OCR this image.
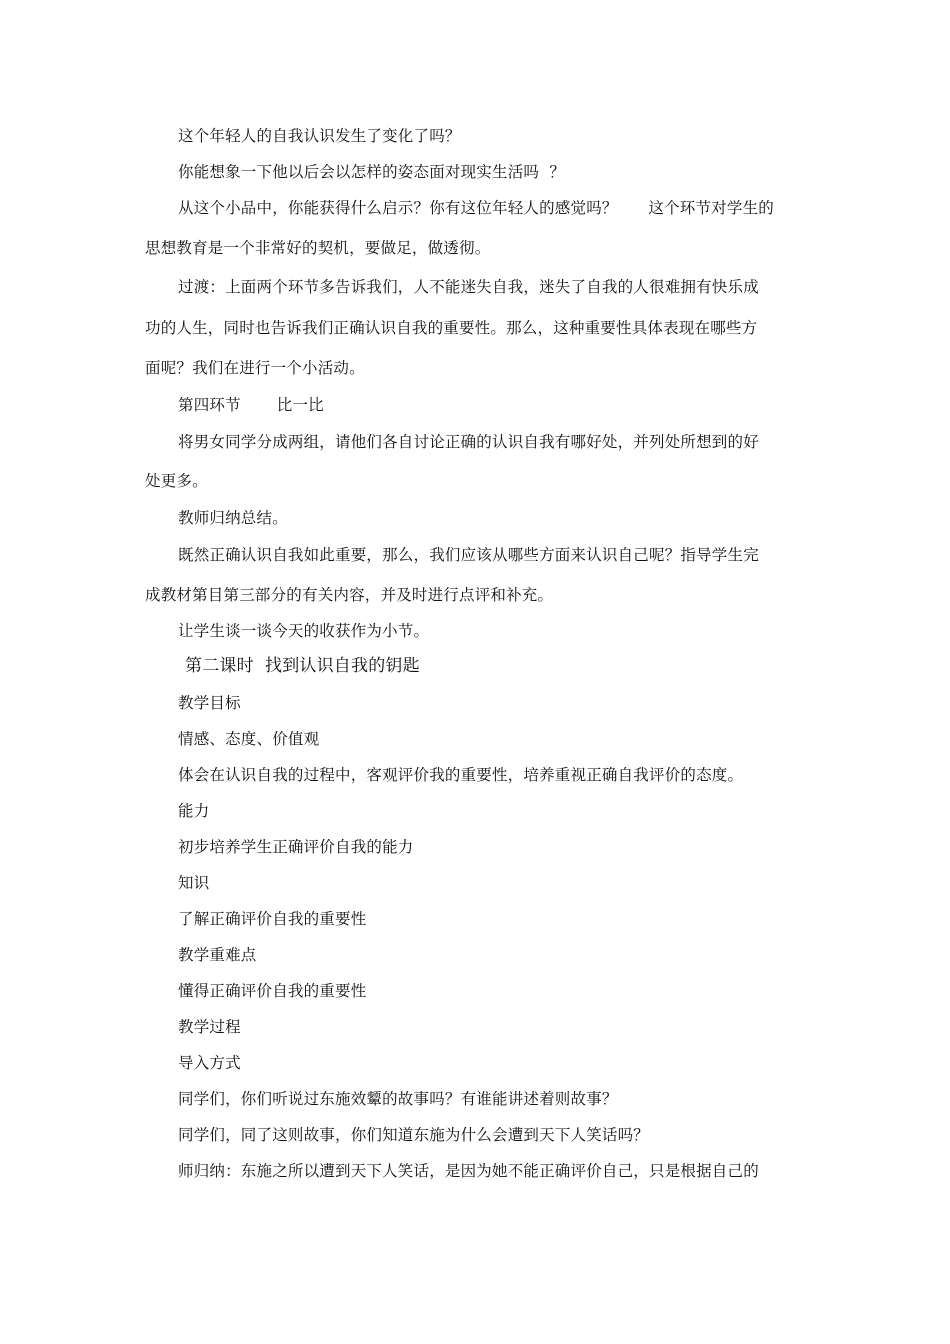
这个年轻人的自我认识发生了变化了吗？
你能想象一下他以后会以怎样的姿态面对现实生活吗  ？
从这个小品中，你能获得什么启示？你有这位年轻人的感觉吗？      这个环节对学生的
思想教育是一个非常好的契机，要做足，做透彻。
过渡：上面两个环节多告诉我们，人不能迷失自我，迷失了自我的人很难拥有快乐成
功的人生，同时也告诉我们正确认识自我的重要性。那么，这种重要性具体表现在哪些方
面呢？我们在进行一个小活动。
第四环节       比一比
将男女同学分成两组，请他们各自讨论正确的认识自我有哪好处，并列处所想到的好
处更多。
教师归纳总结。
既然正确认识自我如此重要，那么，我们应该从哪些方面来认识自己呢？指导学生完
成教材第目第三部分的有关内容，并及时进行点评和补充。
让学生谈一谈今天的收获作为小节。
第二课时  找到认识自我的钥匙
教学目标
情感、态度、价值观
体会在认识自我的过程中，客观评价我的重要性，培养重视正确自我评价的态度。
能力
初步培养学生正确评价自我的能力
知识
了解正确评价自我的重要性
教学重难点
懂得正确评价自我的重要性
教学过程
导入方式
同学们，你们听说过东施效颦的故事吗？有谁能讲述着则故事？
同学们，同了这则故事，你们知道东施为什么会遭到天下人笑话吗？
师归纳：东施之所以遭到天下人笑话，是因为她不能正确评价自己，只是根据自己的
